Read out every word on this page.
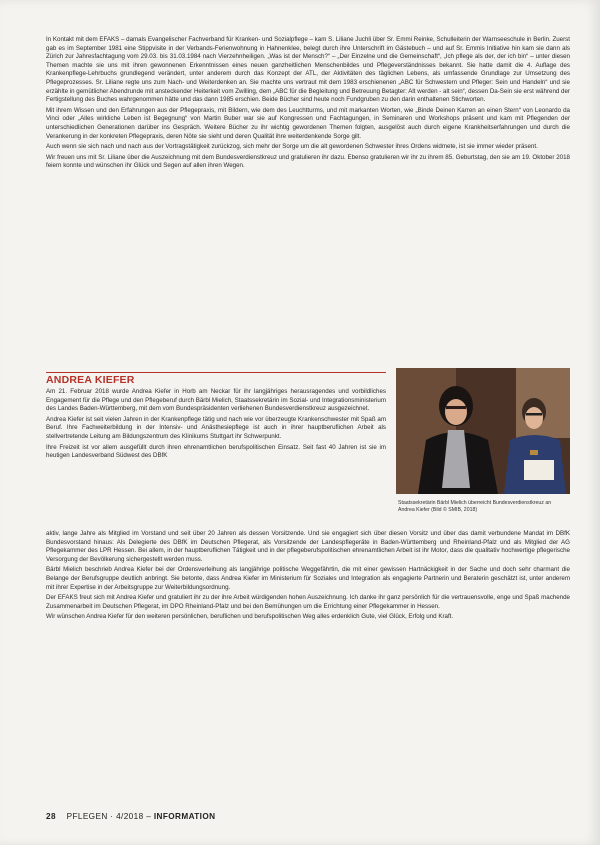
In Kontakt mit dem EFAKS – damals Evangelischer Fachverband für Kranken- und Sozialpflege – kam S. Liliane Juchli über Sr. Emmi Reinke, Schulleiterin der Warnseeschule in Berlin. Zuerst gab es im September 1981 eine Stippvisite in der Verbands-Ferienwohnung in Hahnenklee, belegt durch ihre Unterschrift im Gästebuch – und auf Sr. Emmis Initiative hin kam sie dann als Zürich zur Jahresfachtagung vom 29.03. bis 31.03.1984 nach Vierzehnheiligen. „Was ist der Mensch?“ – „Der Einzelne und die Gemeinschaft“, „Ich pflege als der, der ich bin“ – unter diesen Themen machte sie uns mit ihren gewonnenen Erkenntnissen eines neuen ganzheitlichen Menschenbildes und Pflegeverständnisses bekannt. Sie hatte damit die 4. Auflage des Krankenpflege-Lehrbuchs grundlegend verändert, unter anderem durch das Konzept der ATL, der Aktivitäten des täglichen Lebens, als umfassende Grundlage zur Umsetzung des Pflegeprozesses. Sr. Liliane regte uns zum Nach- und Weiterdenken an. Sie machte uns vertraut mit dem 1983 erschienenen „ABC für Schwestern und Pfleger: Sein und Handeln“ und sie erzählte in gemütlicher Abendrunde mit ansteckender Heiterkeit vom Zwilling, dem „ABC für die Begleitung und Betreuung Betagter: Alt werden - alt sein“, dessen Da-Sein sie erst während der Fertigstellung des Buches wahrgenommen hätte und das dann 1985 erschien. Beide Bücher sind heute noch Fundgruben zu den darin enthaltenen Stichworten.

Mit ihrem Wissen und den Erfahrungen aus der Pflegepraxis, mit Bildern, wie dem des Leuchtturms, und mit markanten Worten, wie „Binde Deinen Karren an einen Stern“ von Leonardo da Vinci oder „Alles wirkliche Leben ist Begegnung“ von Martin Buber war sie auf Kongressen und Fachtagungen, in Seminaren und Workshops präsent und kam mit Pflegenden der unterschiedlichen Generationen darüber ins Gespräch. Weitere Bücher zu ihr wichtig gewordenen Themen folgten, ausgelöst auch durch eigene Krankheitserfahrungen und durch die Verankerung in der konkreten Pflegepraxis, deren Nöte sie sieht und deren Qualität ihre weiterdenkende Sorge gilt.

Auch wenn sie sich nach und nach aus der Vortragstätigkeit zurückzog, sich mehr der Sorge um die alt gewordenen Schwester ihres Ordens widmete, ist sie immer wieder präsent.

Wir freuen uns mit Sr. Liliane über die Auszeichnung mit dem Bundesverdienstkreuz und gratulieren ihr dazu. Ebenso gratulieren wir ihr zu ihrem 85. Geburtstag, den sie am 19. Oktober 2018 feiern konnte und wünschen ihr Glück und Segen auf allen ihren Wegen.

ANDREA KIEFER

Am 21. Februar 2018 wurde Andrea Kiefer in Horb am Neckar für ihr langjähriges herausragendes und vorbildliches Engagement für die Pflege und den Pflegeberuf durch Bärbl Mielich, Staatssekretärin im Sozial- und Integrationsministerium des Landes Baden-Württemberg, mit dem vom Bundespräsidenten verliehenen Bundesverdienstkreuz ausgezeichnet.

Andrea Kiefer ist seit vielen Jahren in der Krankenpflege tätig und nach wie vor überzeugte Krankenschwester mit Spaß am Beruf. Ihre Fachweiterbildung in der Intensiv- und Anästhesiepflege ist auch in ihrer hauptberuflichen Arbeit als stellvertretende Leitung am Bildungszentrum des Klinikums Stuttgart ihr Schwerpunkt.

Ihre Freizeit ist vor allem ausgefüllt durch ihren ehrenamtlichen berufspolitischen Einsatz. Seit fast 40 Jahren ist sie im heutigen Landesverband Südwest des DBfK

Staatssekretärin Bärbl Mielich überreicht Bundesverdienstkreuz an Andrea Kiefer (Bild © SMIB, 2018)

aktiv, lange Jahre als Mitglied im Vorstand und seit über 20 Jahren als dessen Vorsitzende. Und sie engagiert sich über diesen Vorsitz und über das damit verbundene Mandat im DBfK Bundesvorstand hinaus: Als Delegierte des DBfK im Deutschen Pflegerat, als Vorsitzende der Landespflegeräte in Baden-Württemberg und Rheinland-Pfalz und als Mitglied der AG Pflegekammer des LPR Hessen. Bei allem, in der hauptberuflichen Tätigkeit und in der pflegeberufspolitischen ehrenamtlichen Arbeit ist ihr Motor, dass die qualitativ hochwertige pflegerische Versorgung der Bevölkerung sichergestellt werden muss.

Bärbl Mielich beschrieb Andrea Kiefer bei der Ordensverleihung als langjährige politische Weggefährtin, die mit einer gewissen Hartnäckigkeit in der Sache und doch sehr charmant die Belange der Berufsgruppe deutlich anbringt. Sie betonte, dass Andrea Kiefer im Ministerium für Soziales und Integration als engagierte Partnerin und Beraterin geschätzt ist, unter anderem mit ihrer Expertise in der Arbeitsgruppe zur Weiterbildungsordnung.

Der EFAKS freut sich mit Andrea Kiefer und gratuliert ihr zu der ihre Arbeit würdigenden hohen Auszeichnung. Ich danke ihr ganz persönlich für die vertrauensvolle, enge und Spaß machende Zusammenarbeit im Deutschen Pflegerat, im DPO Rheinland-Pfalz und bei den Bemühungen um die Errichtung einer Pflegekammer in Hessen.

Wir wünschen Andrea Kiefer für den weiteren persönlichen, beruflichen und berufspolitischen Weg alles erdenklich Gute, viel Glück, Erfolg und Kraft.

28 PFLEGEN · 4/2018 – INFORMATION
